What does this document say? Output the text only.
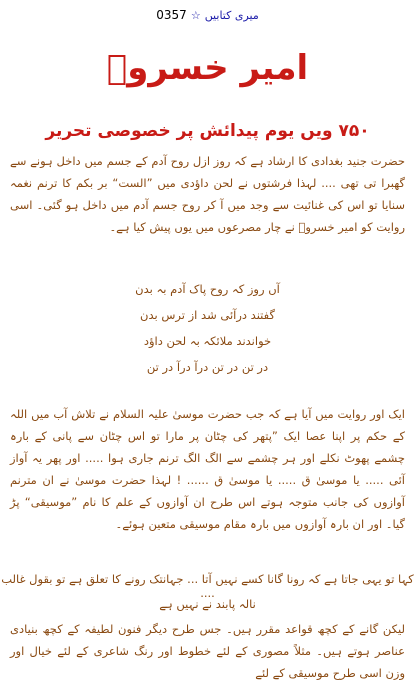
میری کتابیں
☆
0357
امیر خسروؒ
۷۵۰ ویں یوم پیدائش پر خصوصی تحریر
حضرت جنید بغدادی کا ارشاد ہے کہ روز ازل روح آدم کے جسم میں داخل ہونے سے گھبرا تی تھی .... لہذا فرشتوں نے لحن داؤدی میں ”الست“ بر بکم کا ترنم نغمہ سنایا تو اس کی غنائیت سے وجد میں آ کر روح جسم آدم میں داخل ہو گئی۔ اسی روایت کو امیر خسروؒ نے چار مصرعوں میں یوں پیش کیا ہے۔
آں روز کہ روح پاک آدم بہ بدن
گفتند درآئی شد از ترس بدن
خواندند ملائکہ بہ لحن داؤد
در تن در تن درآ درآ در تن
ایک اور روایت میں آیا ہے کہ جب حضرت موسیٰ علیہ السلام نے تلاش آب میں اللہ کے حکم پر اپنا عصا ایک ”پتھر کی چٹان پر مارا تو اس چٹان سے پانی کے بارہ چشمے پھوٹ نکلے اور ہر چشمے سے الگ الگ ترنم جاری ہوا ..... اور پھر یہ آواز آئی ..... یا موسیٰ ق ..... یا موسیٰ ق ...... ! لہذا حضرت موسیٰ نے ان مترنم آوازوں کی جانب متوجہ ہوتے اس طرح ان آوازوں کے علم کا نام ”موسیقی“ پڑ گیا۔ اور ان بارہ آوازوں میں بارہ مقام موسیقی متعین ہوئے۔
کہا تو یہی جاتا ہے کہ رونا گانا کسے نہیں آتا ... جہانتک رونے کا تعلق ہے تو بقول غالب ....
نالہ پابند نے نہیں ہے
لیکن گانے کے کچھ قواعد مقرر ہیں۔ جس طرح دیگر فنون لطیفہ کے کچھ بنیادی عناصر ہوتے ہیں۔ مثلاً مصوری کے لئے خطوط اور رنگ شاعری کے لئے خیال اور وزن اسی طرح موسیقی کے لئے
